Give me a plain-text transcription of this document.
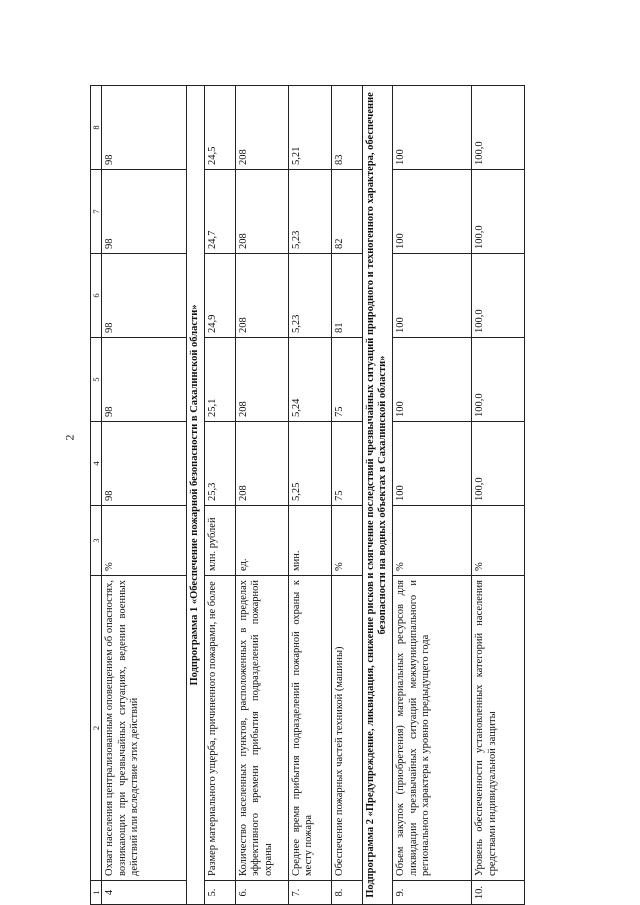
2
1	2	3	4	5	6	7	8
4	Охват населения централизованным оповещением об опасностях, возникающих при чрезвычайных ситуациях, ведении военных действий или вследствие этих действий	%	98	98	98	98	98
Подпрограмма 1 «Обеспечение пожарной безопасности в Сахалинской области»							
5.	Размер материального ущерба, причиненного пожарами, не более	млн. рублей	25,3	25,1	24,9	24,7	24,5
6.	Количество населенных пунктов, расположенных в пределах эффективного времени прибытия подразделений пожарной охраны	ед.	208	208	208	208	208
7.	Среднее время прибытия подразделений пожарной охраны к месту пожара	мин.	5,25	5,24	5,23	5,23	5,21
8.	Обеспечение пожарных частей техникой (машины)	%	75	75	81	82	83
Подпрограмма 2 «Предупреждение, ликвидация, снижение рисков и смягчение последствий чрезвычайных ситуаций природного и техногенного характера, обеспечение безопасности на водных объектах в Сахалинской области»							
9.	Объем закупок (приобретения) материальных ресурсов для ликвидации чрезвычайных ситуаций межмуниципального и регионального характера к уровню предыдущего года	%	100	100	100	100	100
10.	Уровень обеспеченности установленных категорий населения средствами индивидуальной защиты	%	100,0	100,0	100,0	100,0	100,0
